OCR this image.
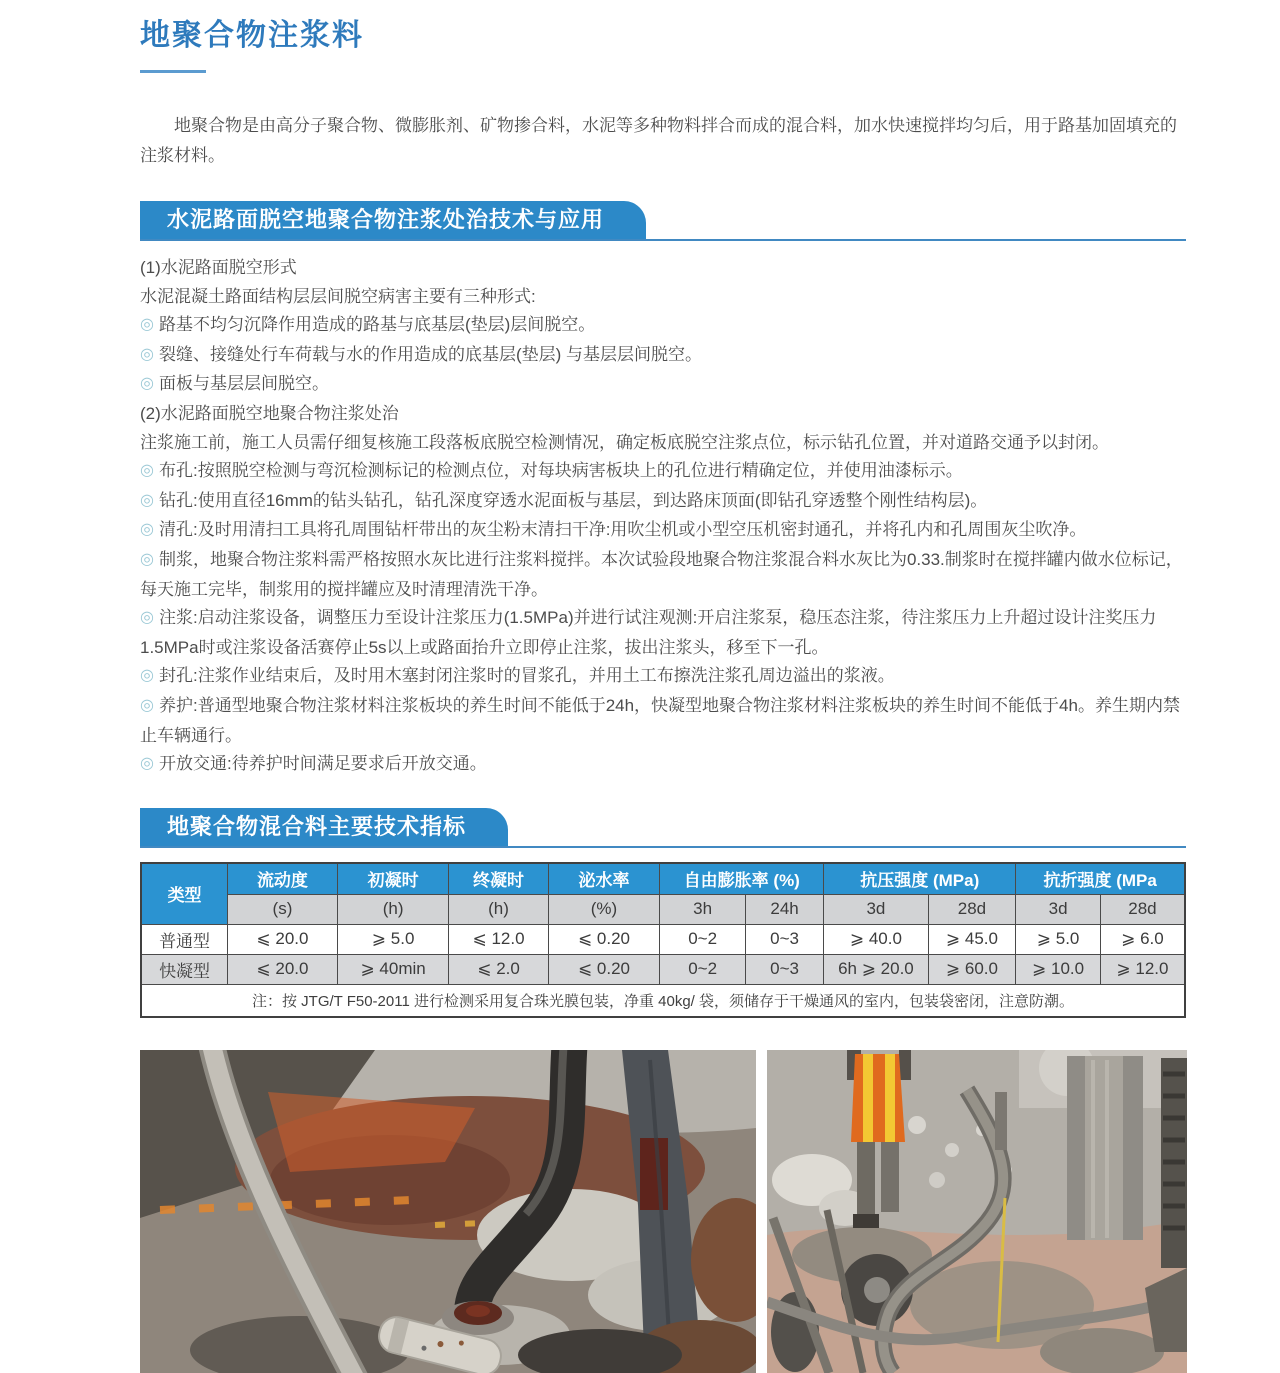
地聚合物注浆料

地聚合物是由高分子聚合物、微膨胀剂、矿物掺合料，水泥等多种物料拌合而成的混合料，加水快速搅拌均匀后，用于路基加固填充的注浆材料。

水泥路面脱空地聚合物注浆处治技术与应用

(1)水泥路面脱空形式

水泥混凝土路面结构层层间脱空病害主要有三种形式:

◎ 路基不均匀沉降作用造成的路基与底基层(垫层)层间脱空。

◎ 裂缝、接缝处行车荷载与水的作用造成的底基层(垫层) 与基层层间脱空。

◎ 面板与基层层间脱空。

(2)水泥路面脱空地聚合物注浆处治

注浆施工前，施工人员需仔细复核施工段落板底脱空检测情况，确定板底脱空注浆点位，标示钻孔位置，并对道路交通予以封闭。

◎ 布孔:按照脱空检测与弯沉检测标记的检测点位，对每块病害板块上的孔位进行精确定位，并使用油漆标示。

◎ 钻孔:使用直径16mm的钻头钻孔，钻孔深度穿透水泥面板与基层，到达路床顶面(即钻孔穿透整个刚性结构层)。

◎ 清孔:及时用清扫工具将孔周围钻杆带出的灰尘粉末清扫干净:用吹尘机或小型空压机密封通孔，并将孔内和孔周围灰尘吹净。

◎ 制浆，地聚合物注浆料需严格按照水灰比进行注浆料搅拌。本次试验段地聚合物注浆混合料水灰比为0.33.制浆时在搅拌罐内做水位标记，每天施工完毕，制浆用的搅拌罐应及时清理清洗干净。

◎ 注浆:启动注浆设备，调整压力至设计注浆压力(1.5MPa)并进行试注观测:开启注浆泵，稳压态注浆，待注浆压力上升超过设计注奖压力1.5MPa时或注浆设备活赛停止5s以上或路面抬升立即停止注浆，拔出注浆头，移至下一孔。

◎ 封孔:注浆作业结束后，及时用木塞封闭注浆时的冒浆孔，并用土工布擦洗注浆孔周边溢出的浆液。

◎ 养护:普通型地聚合物注浆材料注浆板块的养生时间不能低于24h，快凝型地聚合物注浆材料注浆板块的养生时间不能低于4h。养生期内禁止车辆通行。

◎ 开放交通:待养护时间满足要求后开放交通。

地聚合物混合料主要技术指标
类型	流动度	初凝时	终凝时	泌水率	自由膨胀率 (%)		抗压强度 (MPa)		抗折强度 (MPa	
	(s)	(h)	(h)	(%)	3h	24h	3d	28d	3d	28d
普通型	⩽ 20.0	⩾ 5.0	⩽ 12.0	⩽ 0.20	0~2	0~3	⩾ 40.0	⩾ 45.0	⩾ 5.0	⩾ 6.0
快凝型	⩽ 20.0	⩾ 40min	⩽ 2.0	⩽ 0.20	0~2	0~3	6h ⩾ 20.0	⩾ 60.0	⩾ 10.0	⩾ 12.0
注：按 JTG/T F50-2011 进行检测采用复合珠光膜包装，净重 40kg/ 袋，须储存于干燥通风的室内，包装袋密闭，注意防潮。										
